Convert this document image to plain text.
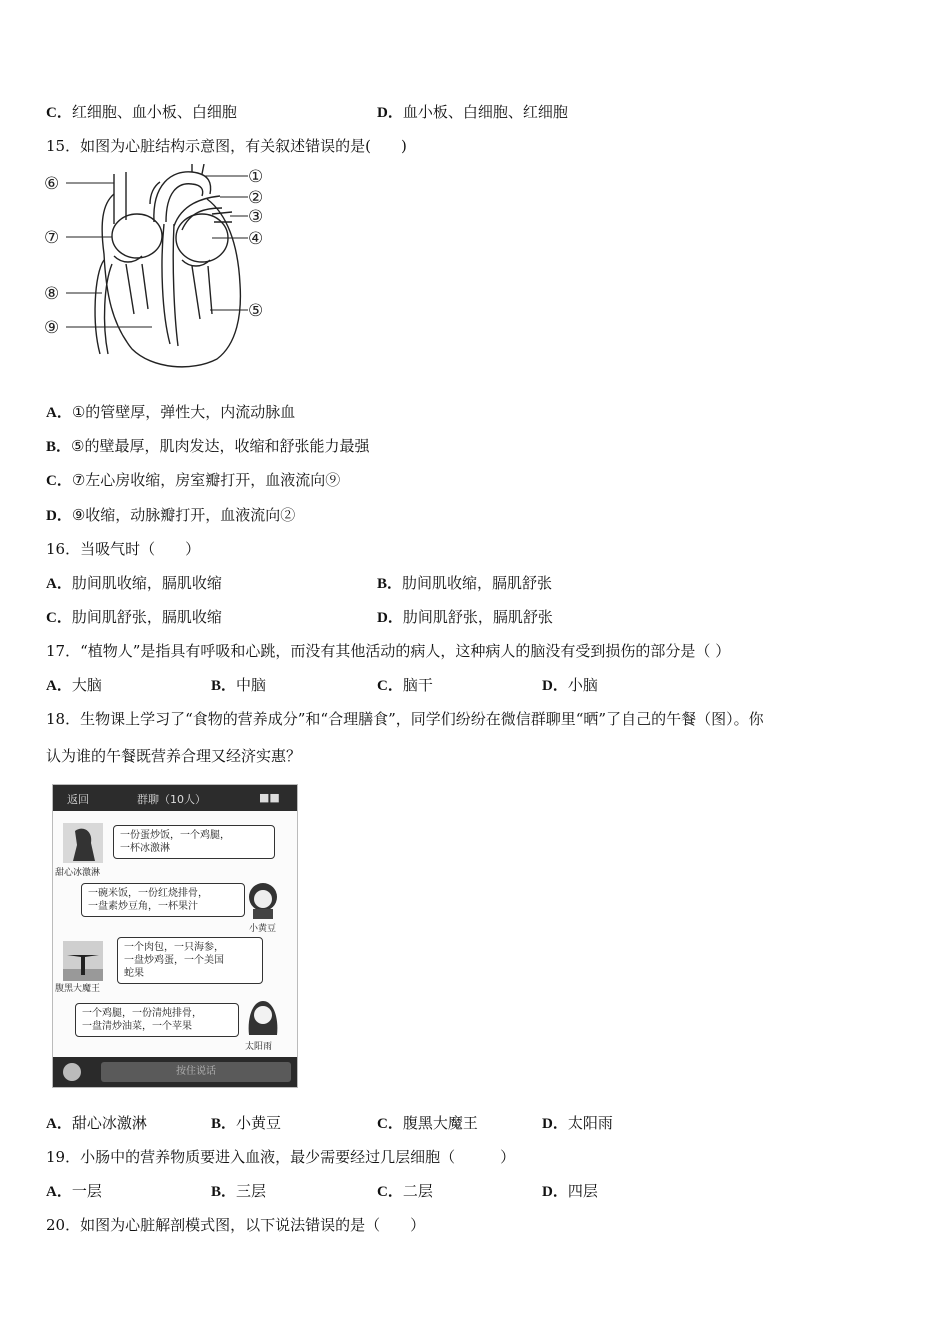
C．红细胞、血小板、白细胞	D．血小板、白细胞、红细胞
15．如图为心脏结构示意图，有关叙述错误的是(　　)
①
②
③
④
⑤
⑥
⑦
⑧
⑨
A．①的管壁厚，弹性大，内流动脉血
B．⑤的壁最厚，肌肉发达，收缩和舒张能力最强
C．⑦左心房收缩，房室瓣打开，血液流向⑨
D．⑨收缩，动脉瓣打开，血液流向②
16．当吸气时（　　）
A．肋间肌收缩，膈肌收缩	B．肋间肌收缩，膈肌舒张
C．肋间肌舒张，膈肌收缩	D．肋间肌舒张，膈肌舒张
17．“植物人”是指具有呼吸和心跳，而没有其他活动的病人，这种病人的脑没有受到损伤的部分是（ ）
A．大脑	B．中脑	C．脑干	D．小脑
18．生物课上学习了“食物的营养成分”和“合理膳食”，同学们纷纷在微信群聊里“晒”了自己的午餐（图）。你
认为谁的午餐既营养合理又经济实惠？
返回	群聊（10人）	■■
甜心冰激淋
一份蛋炒饭，一个鸡腿，
一杯冰激淋
小黄豆
一碗米饭，一份红烧排骨，
一盘素炒豆角，一杯果汁
腹黑大魔王
一个肉包，一只海参，
一盘炒鸡蛋，一个美国
蛇果
太阳雨
一个鸡腿，一份清炖排骨，
一盘清炒油菜，一个苹果
按住说话
A．甜心冰激淋	B．小黄豆	C．腹黑大魔王	D．太阳雨
19．小肠中的营养物质要进入血液，最少需要经过几层细胞（　　　）
A．一层	B．三层	C．二层	D．四层
20．如图为心脏解剖模式图，以下说法错误的是（　　）
